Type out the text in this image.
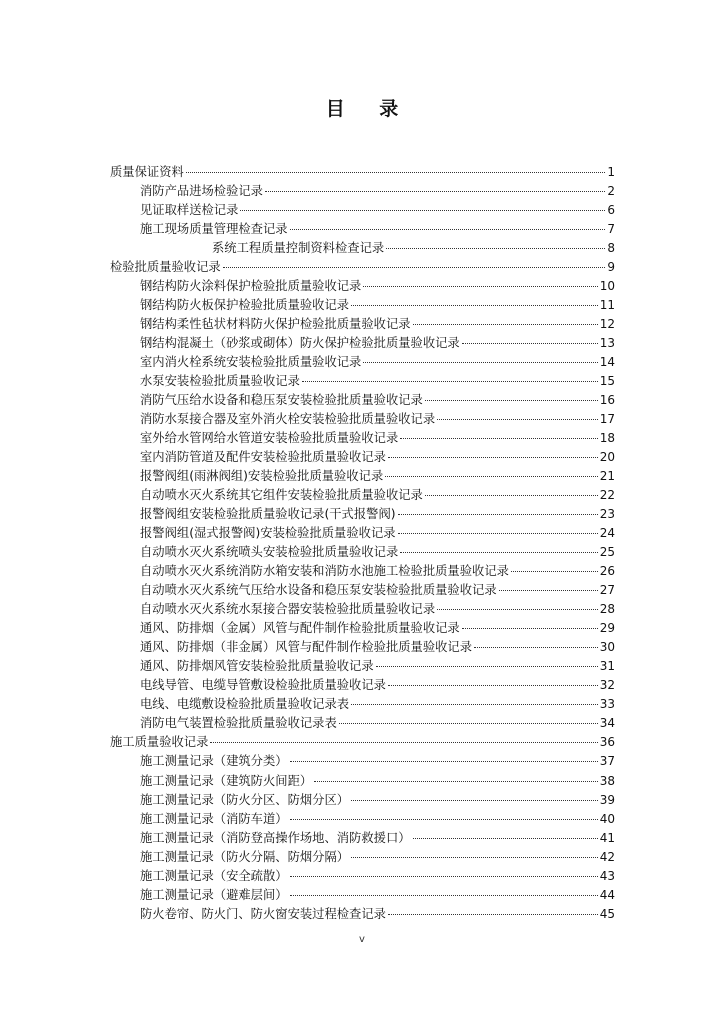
目 录
质量保证资料	1
消防产品进场检验记录	2
见证取样送检记录	6
施工现场质量管理检查记录	7
系统工程质量控制资料检查记录	8
检验批质量验收记录	9
钢结构防火涂料保护检验批质量验收记录	10
钢结构防火板保护检验批质量验收记录	11
钢结构柔性毡状材料防火保护检验批质量验收记录	12
钢结构混凝土（砂浆或砌体）防火保护检验批质量验收记录	13
室内消火栓系统安装检验批质量验收记录	14
水泵安装检验批质量验收记录	15
消防气压给水设备和稳压泵安装检验批质量验收记录	16
消防水泵接合器及室外消火栓安装检验批质量验收记录	17
室外给水管网给水管道安装检验批质量验收记录	18
室内消防管道及配件安装检验批质量验收记录	20
报警阀组(雨淋阀组)安装检验批质量验收记录	21
自动喷水灭火系统其它组件安装检验批质量验收记录	22
报警阀组安装检验批质量验收记录(干式报警阀)	23
报警阀组(湿式报警阀)安装检验批质量验收记录	24
自动喷水灭火系统喷头安装检验批质量验收记录	25
自动喷水灭火系统消防水箱安装和消防水池施工检验批质量验收记录	26
自动喷水灭火系统气压给水设备和稳压泵安装检验批质量验收记录	27
自动喷水灭火系统水泵接合器安装检验批质量验收记录	28
通风、防排烟（金属）风管与配件制作检验批质量验收记录	29
通风、防排烟（非金属）风管与配件制作检验批质量验收记录	30
通风、防排烟风管安装检验批质量验收记录	31
电线导管、电缆导管敷设检验批质量验收记录	32
电线、电缆敷设检验批质量验收记录表	33
消防电气装置检验批质量验收记录表	34
施工质量验收记录	36
施工测量记录（建筑分类）	37
施工测量记录（建筑防火间距）	38
施工测量记录（防火分区、防烟分区）	39
施工测量记录（消防车道）	40
施工测量记录（消防登高操作场地、消防救援口）	41
施工测量记录（防火分隔、防烟分隔）	42
施工测量记录（安全疏散）	43
施工测量记录（避难层间）	44
防火卷帘、防火门、防火窗安装过程检查记录	45
v
